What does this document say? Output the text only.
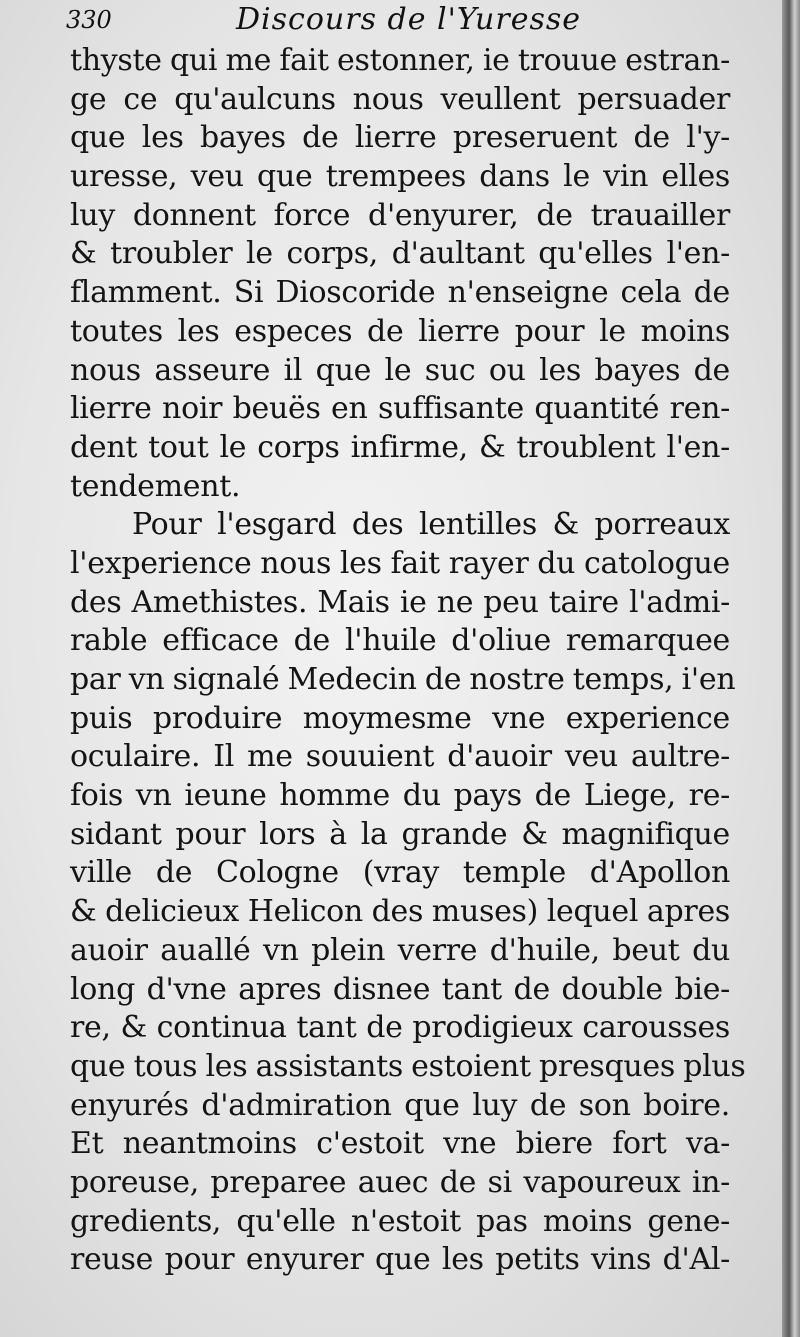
330	Discours de l'Yuresse
thyste qui me fait estonner, ie trouue estran-
ge ce qu'aulcuns nous veullent persuader
que les bayes de lierre preseruent de l'y-
uresse, veu que trempees dans le vin elles
luy donnent force d'enyurer, de trauailler
& troubler le corps, d'aultant qu'elles l'en-
flamment. Si Dioscoride n'enseigne cela de
toutes les especes de lierre pour le moins
nous asseure il que le suc ou les bayes de
lierre noir beuës en suffisante quantité ren-
dent tout le corps infirme, & troublent l'en-
tendement.
Pour l'esgard des lentilles & porreaux
l'experience nous les fait rayer du catologue
des Amethistes. Mais ie ne peu taire l'admi-
rable efficace de l'huile d'oliue remarquee
par vn signalé Medecin de nostre temps, i'en
puis produire moymesme vne experience
oculaire. Il me souuient d'auoir veu aultre-
fois vn ieune homme du pays de Liege, re-
sidant pour lors à la grande & magnifique
ville de Cologne (vray temple d'Apollon
& delicieux Helicon des muses) lequel apres
auoir auallé vn plein verre d'huile, beut du
long d'vne apres disnee tant de double bie-
re, & continua tant de prodigieux carousses
que tous les assistants estoient presques plus
enyurés d'admiration que luy de son boire.
Et neantmoins c'estoit vne biere fort va-
poreuse, preparee auec de si vapoureux in-
gredients, qu'elle n'estoit pas moins gene-
reuse pour enyurer que les petits vins d'Al-
